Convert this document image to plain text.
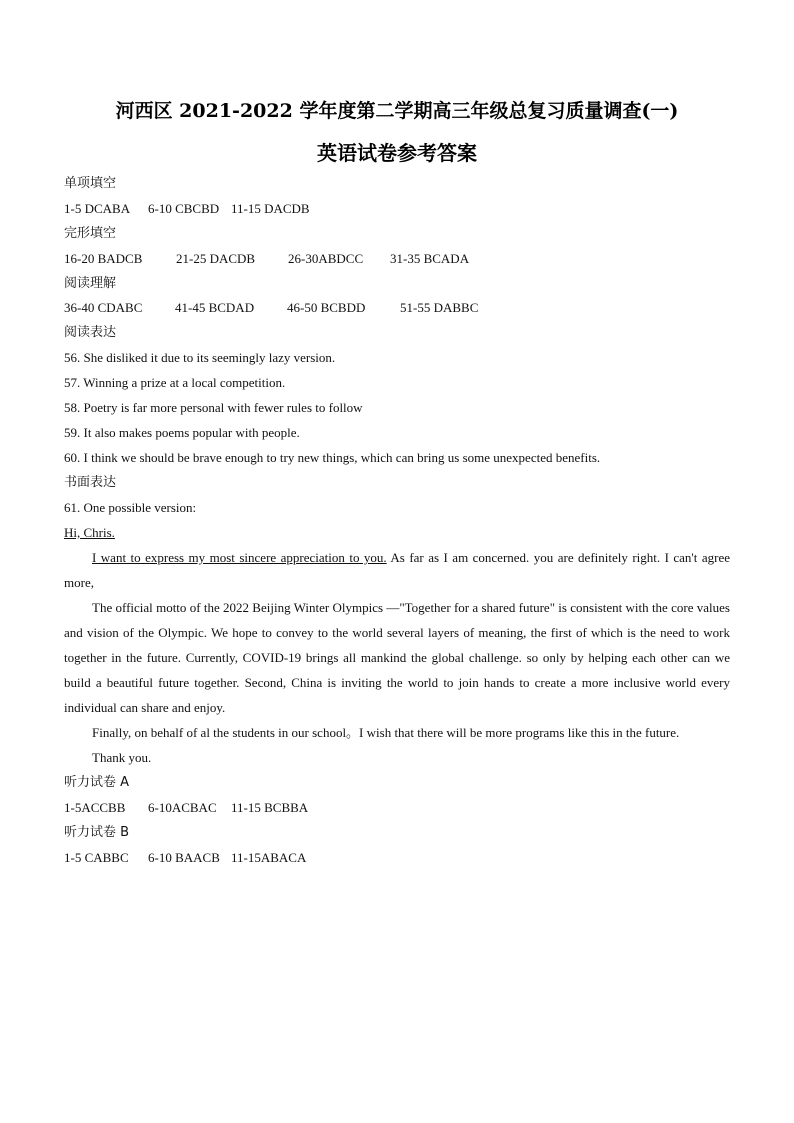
河西区 2021-2022 学年度第二学期高三年级总复习质量调查(一)
英语试卷参考答案
单项填空
1-5 DCABA 6-10 CBCBD 11-15 DACDB
完形填空
16-20 BADCB	21-25 DACDB	26-30ABDCC 31-35 BCADA
阅读理解
36-40 CDABC	41-45 BCDAD	46-50 BCBDD	51-55 DABBC
阅读表达
56. She disliked it due to its seemingly lazy version.
57. Winning a prize at a local competition.
58. Poetry is far more personal with fewer rules to follow
59. It also makes poems popular with people.
60. I think we should be brave enough to try new things, which can bring us some unexpected benefits.
书面表达
61. One possible version:
Hi, Chris.
I want to express my most sincere appreciation to you. As far as I am concerned. you are definitely right. I can't agree more,
The official motto of the 2022 Beijing Winter Olympics —"Together for a shared future" is consistent with the core values and vision of the Olympic. We hope to convey to the world several layers of meaning, the first of which is the need to work together in the future. Currently, COVID-19 brings all mankind the global challenge. so only by helping each other can we build a beautiful future together. Second, China is inviting the world to join hands to create a more inclusive world every individual can share and enjoy.
Finally, on behalf of al the students in our school。I wish that there will be more programs like this in the future.
Thank you.
听力试卷 A
1-5ACCBB 6-10ACBAC 11-15 BCBBA
听力试卷 B
1-5 CABBC 6-10 BAACB 11-15ABACA
